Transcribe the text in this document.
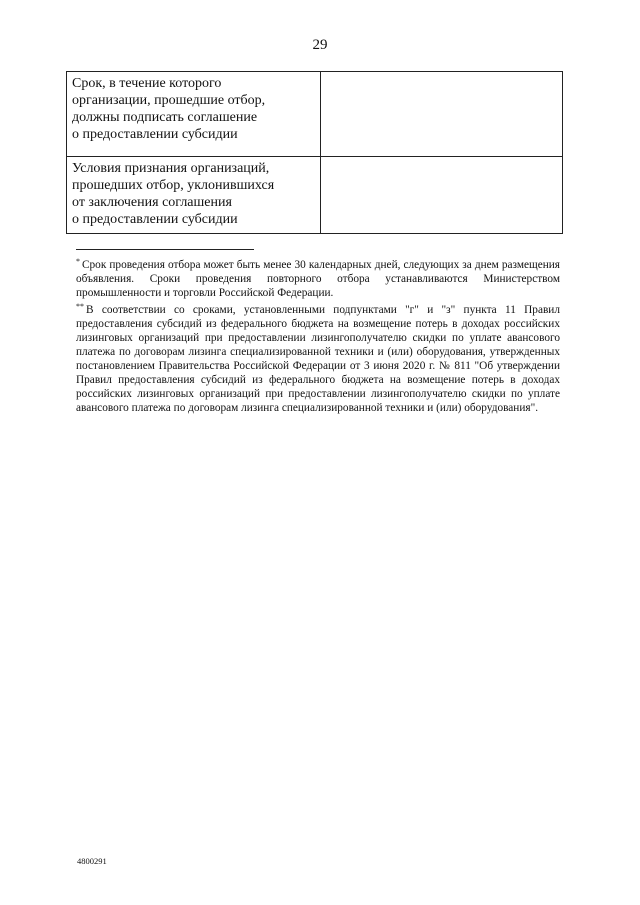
29
Срок, в течение которого
организации, прошедшие отбор,
должны подписать соглашение
о предоставлении субсидии	

Условия признания организаций,
прошедших отбор, уклонившихся
от заключения соглашения
о предоставлении субсидии	

* Срок проведения отбора может быть менее 30 календарных дней, следующих за днем размещения объявления. Сроки проведения повторного отбора устанавливаются Министерством промышленности и торговли Российской Федерации.

** В соответствии со сроками, установленными подпунктами "г" и "з" пункта 11 Правил предоставления субсидий из федерального бюджета на возмещение потерь в доходах российских лизинговых организаций при предоставлении лизингополучателю скидки по уплате авансового платежа по договорам лизинга специализированной техники и (или) оборудования, утвержденных постановлением Правительства Российской Федерации от 3 июня 2020 г. № 811 "Об утверждении Правил предоставления субсидий из федерального бюджета на возмещение потерь в доходах российских лизинговых организаций при предоставлении лизингополучателю скидки по уплате авансового платежа по договорам лизинга специализированной техники и (или) оборудования".

4800291
